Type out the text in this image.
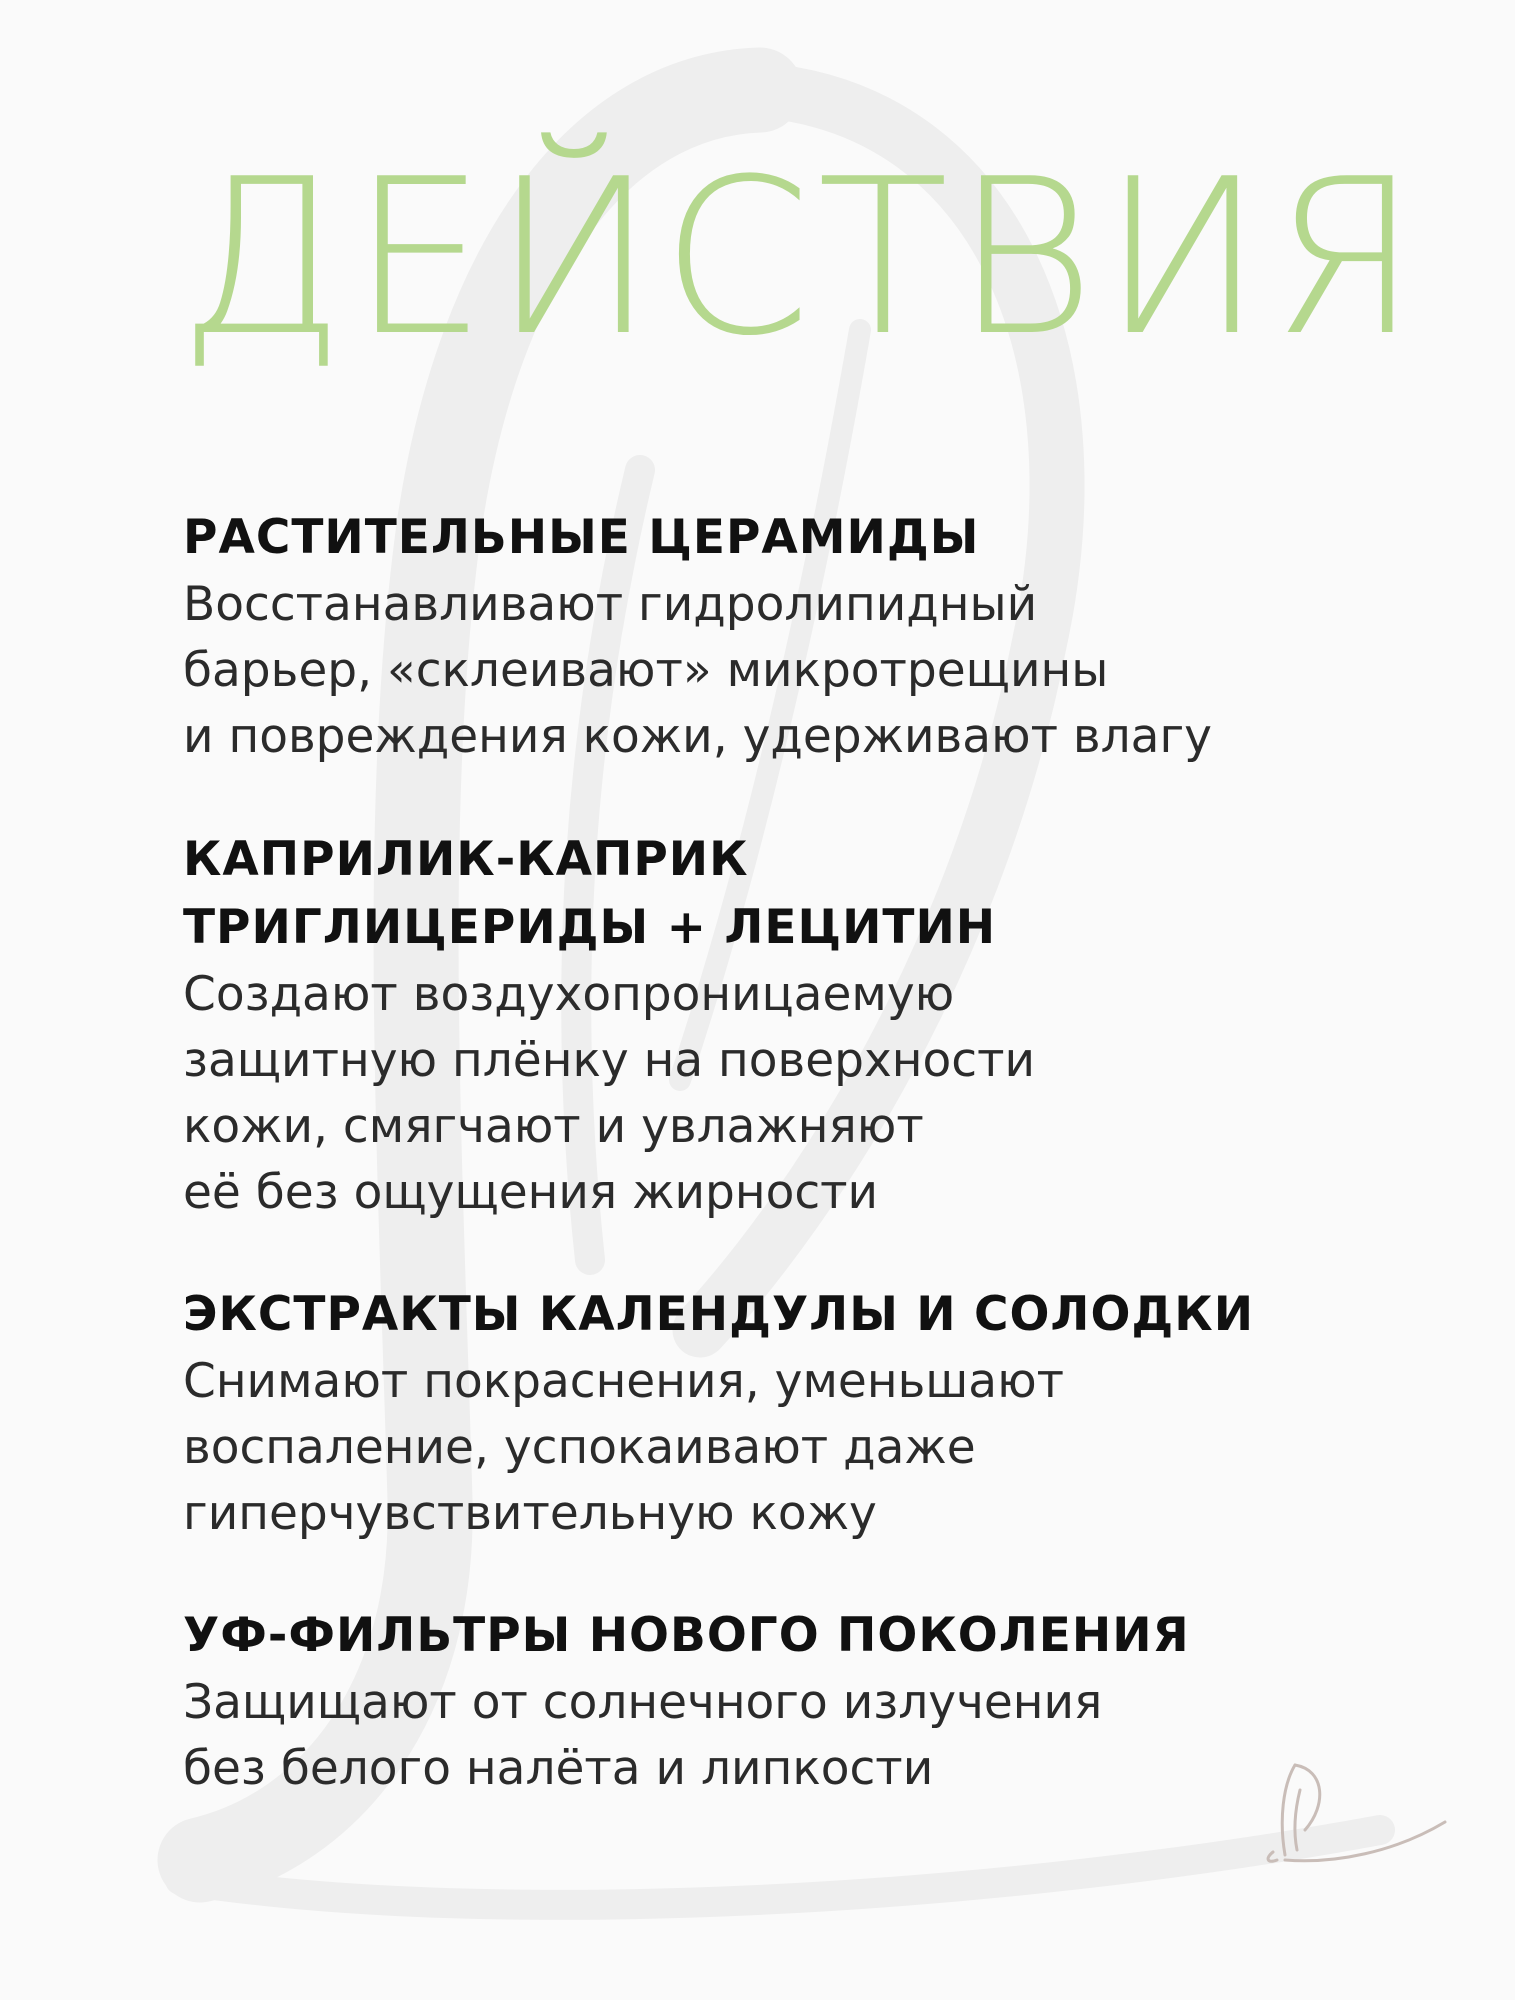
ДЕЙСТВИЯ

РАСТИТЕЛЬНЫЕ ЦЕРАМИДЫ

Восстанавливают гидролипидный

барьер, «склеивают» микротрещины

и повреждения кожи, удерживают влагу

КАПРИЛИК-КАПРИК

ТРИГЛИЦЕРИДЫ + ЛЕЦИТИН

Создают воздухопроницаемую

защитную плёнку на поверхности

кожи, смягчают и увлажняют

её без ощущения жирности

ЭКСТРАКТЫ КАЛЕНДУЛЫ И СОЛОДКИ

Снимают покраснения, уменьшают

воспаление, успокаивают даже

гиперчувствительную кожу

УФ-ФИЛЬТРЫ НОВОГО ПОКОЛЕНИЯ

Защищают от солнечного излучения

без белого налёта и липкости
